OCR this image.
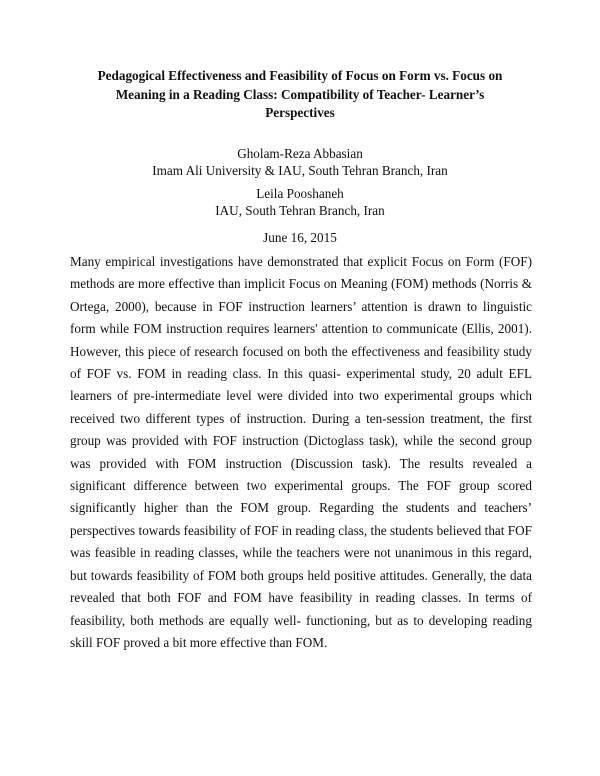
Pedagogical Effectiveness and Feasibility of Focus on Form vs. Focus on Meaning in a Reading Class: Compatibility of Teacher- Learner’s Perspectives
Gholam-Reza Abbasian
Imam Ali University & IAU, South Tehran Branch, Iran
Leila Pooshaneh
IAU, South Tehran Branch, Iran
June 16, 2015
Many empirical investigations have demonstrated that explicit Focus on Form (FOF) methods are more effective than implicit Focus on Meaning (FOM) methods (Norris & Ortega, 2000), because in FOF instruction learners’ attention is drawn to linguistic form while FOM instruction requires learners' attention to communicate (Ellis, 2001). However, this piece of research focused on both the effectiveness and feasibility study of FOF vs. FOM in reading class. In this quasi- experimental study, 20 adult EFL learners of pre-intermediate level were divided into two experimental groups which received two different types of instruction. During a ten-session treatment, the first group was provided with FOF instruction (Dictoglass task), while the second group was provided with FOM instruction (Discussion task). The results revealed a significant difference between two experimental groups. The FOF group scored significantly higher than the FOM group. Regarding the students and teachers’ perspectives towards feasibility of FOF in reading class, the students believed that FOF was feasible in reading classes, while the teachers were not unanimous in this regard, but towards feasibility of FOM both groups held positive attitudes. Generally, the data revealed that both FOF and FOM have feasibility in reading classes. In terms of feasibility, both methods are equally well- functioning, but as to developing reading skill FOF proved a bit more effective than FOM.
